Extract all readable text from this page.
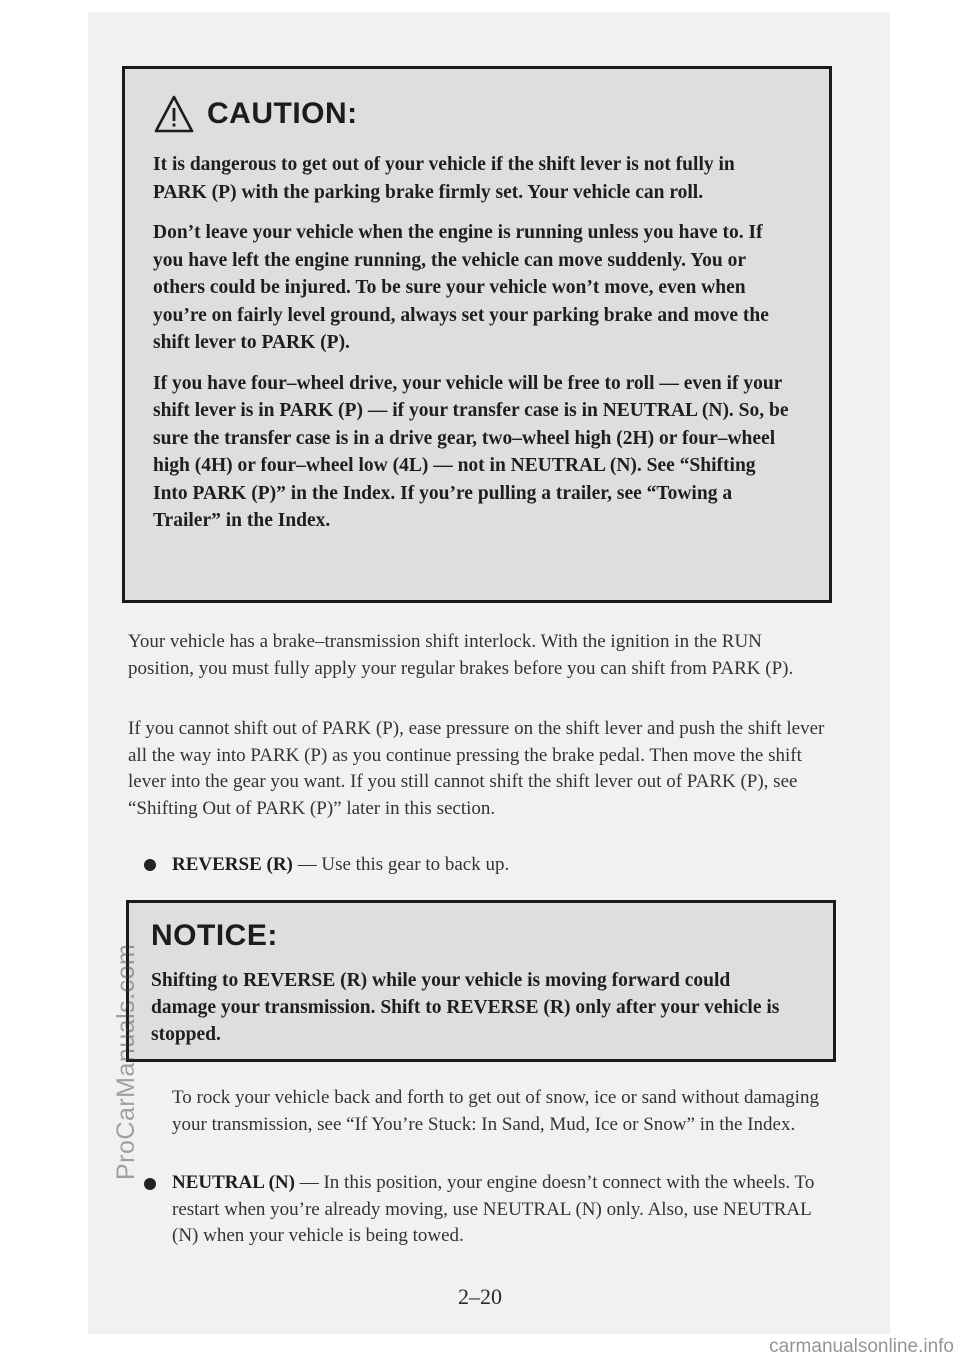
CAUTION:

It is dangerous to get out of your vehicle if the shift lever is not fully in PARK (P) with the parking brake firmly set. Your vehicle can roll.

Don’t leave your vehicle when the engine is running unless you have to. If you have left the engine running, the vehicle can move suddenly. You or others could be injured. To be sure your vehicle won’t move, even when you’re on fairly level ground, always set your parking brake and move the shift lever to PARK (P).

If you have four–wheel drive, your vehicle will be free to roll — even if your shift lever is in PARK (P) — if your transfer case is in NEUTRAL (N). So, be sure the transfer case is in a drive gear, two–wheel high (2H) or four–wheel high (4H) or four–wheel low (4L) — not in NEUTRAL (N). See “Shifting Into PARK (P)” in the Index. If you’re pulling a trailer, see “Towing a Trailer” in the Index.

Your vehicle has a brake–transmission shift interlock. With the ignition in the RUN position, you must fully apply your regular brakes before you can shift from PARK (P).

If you cannot shift out of PARK (P), ease pressure on the shift lever and push the shift lever all the way into PARK (P) as you continue pressing the brake pedal. Then move the shift lever into the gear you want. If you still cannot shift the shift lever out of PARK (P), see “Shifting Out of PARK (P)” later in this section.

REVERSE (R) — Use this gear to back up.
NOTICE:

Shifting to REVERSE (R) while your vehicle is moving forward could damage your transmission. Shift to REVERSE (R) only after your vehicle is stopped.

To rock your vehicle back and forth to get out of snow, ice or sand without damaging your transmission, see “If You’re Stuck: In Sand, Mud, Ice or Snow” in the Index.
NEUTRAL (N) — In this position, your engine doesn’t connect with the wheels. To restart when you’re already moving, use NEUTRAL (N) only. Also, use NEUTRAL (N) when your vehicle is being towed.
2–20
ProCarManuals.com
carmanualsonline.info
